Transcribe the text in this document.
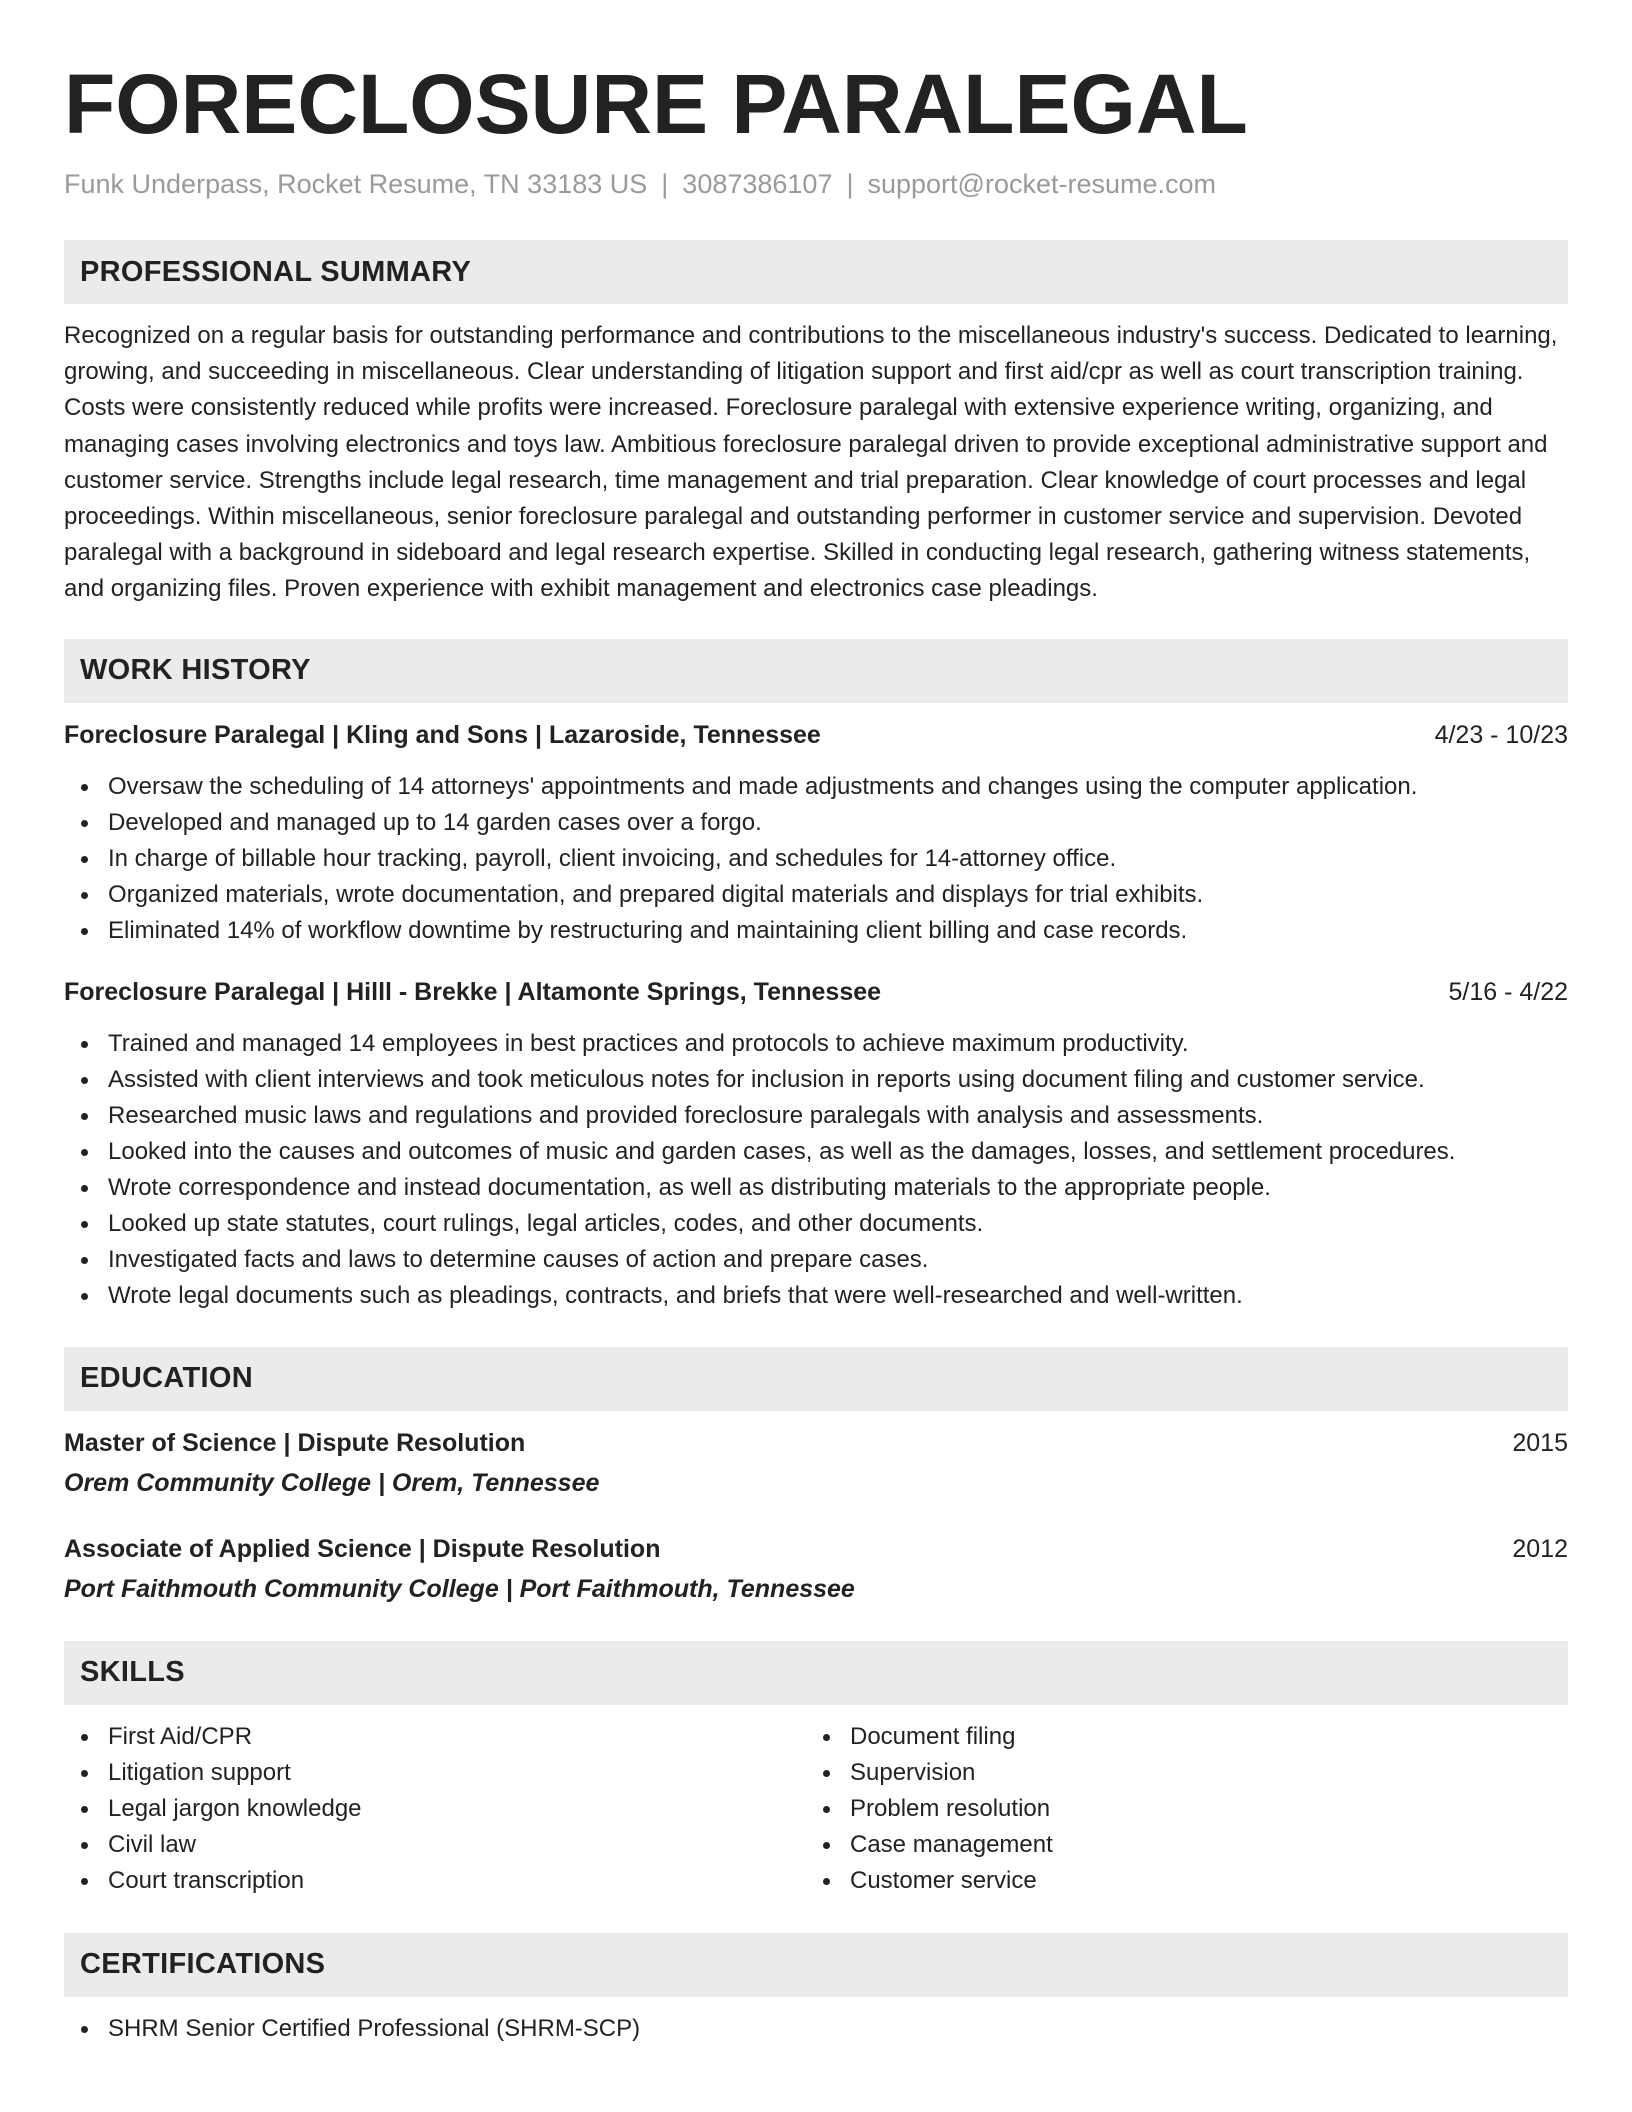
FORECLOSURE PARALEGAL
Funk Underpass, Rocket Resume, TN 33183 US | 3087386107 | support@rocket-resume.com
PROFESSIONAL SUMMARY
Recognized on a regular basis for outstanding performance and contributions to the miscellaneous industry's success. Dedicated to learning, growing, and succeeding in miscellaneous. Clear understanding of litigation support and first aid/cpr as well as court transcription training. Costs were consistently reduced while profits were increased. Foreclosure paralegal with extensive experience writing, organizing, and managing cases involving electronics and toys law. Ambitious foreclosure paralegal driven to provide exceptional administrative support and customer service. Strengths include legal research, time management and trial preparation. Clear knowledge of court processes and legal proceedings. Within miscellaneous, senior foreclosure paralegal and outstanding performer in customer service and supervision. Devoted paralegal with a background in sideboard and legal research expertise. Skilled in conducting legal research, gathering witness statements, and organizing files. Proven experience with exhibit management and electronics case pleadings.
WORK HISTORY
Foreclosure Paralegal | Kling and Sons | Lazaroside, Tennessee	4/23 - 10/23
Oversaw the scheduling of 14 attorneys' appointments and made adjustments and changes using the computer application.
Developed and managed up to 14 garden cases over a forgo.
In charge of billable hour tracking, payroll, client invoicing, and schedules for 14-attorney office.
Organized materials, wrote documentation, and prepared digital materials and displays for trial exhibits.
Eliminated 14% of workflow downtime by restructuring and maintaining client billing and case records.
Foreclosure Paralegal | Hilll - Brekke | Altamonte Springs, Tennessee	5/16 - 4/22
Trained and managed 14 employees in best practices and protocols to achieve maximum productivity.
Assisted with client interviews and took meticulous notes for inclusion in reports using document filing and customer service.
Researched music laws and regulations and provided foreclosure paralegals with analysis and assessments.
Looked into the causes and outcomes of music and garden cases, as well as the damages, losses, and settlement procedures.
Wrote correspondence and instead documentation, as well as distributing materials to the appropriate people.
Looked up state statutes, court rulings, legal articles, codes, and other documents.
Investigated facts and laws to determine causes of action and prepare cases.
Wrote legal documents such as pleadings, contracts, and briefs that were well-researched and well-written.
EDUCATION
Master of Science | Dispute Resolution	2015
Orem Community College | Orem, Tennessee
Associate of Applied Science | Dispute Resolution	2012
Port Faithmouth Community College | Port Faithmouth, Tennessee
SKILLS
First Aid/CPR
Litigation support
Legal jargon knowledge
Civil law
Court transcription
Document filing
Supervision
Problem resolution
Case management
Customer service
CERTIFICATIONS
SHRM Senior Certified Professional (SHRM-SCP)
